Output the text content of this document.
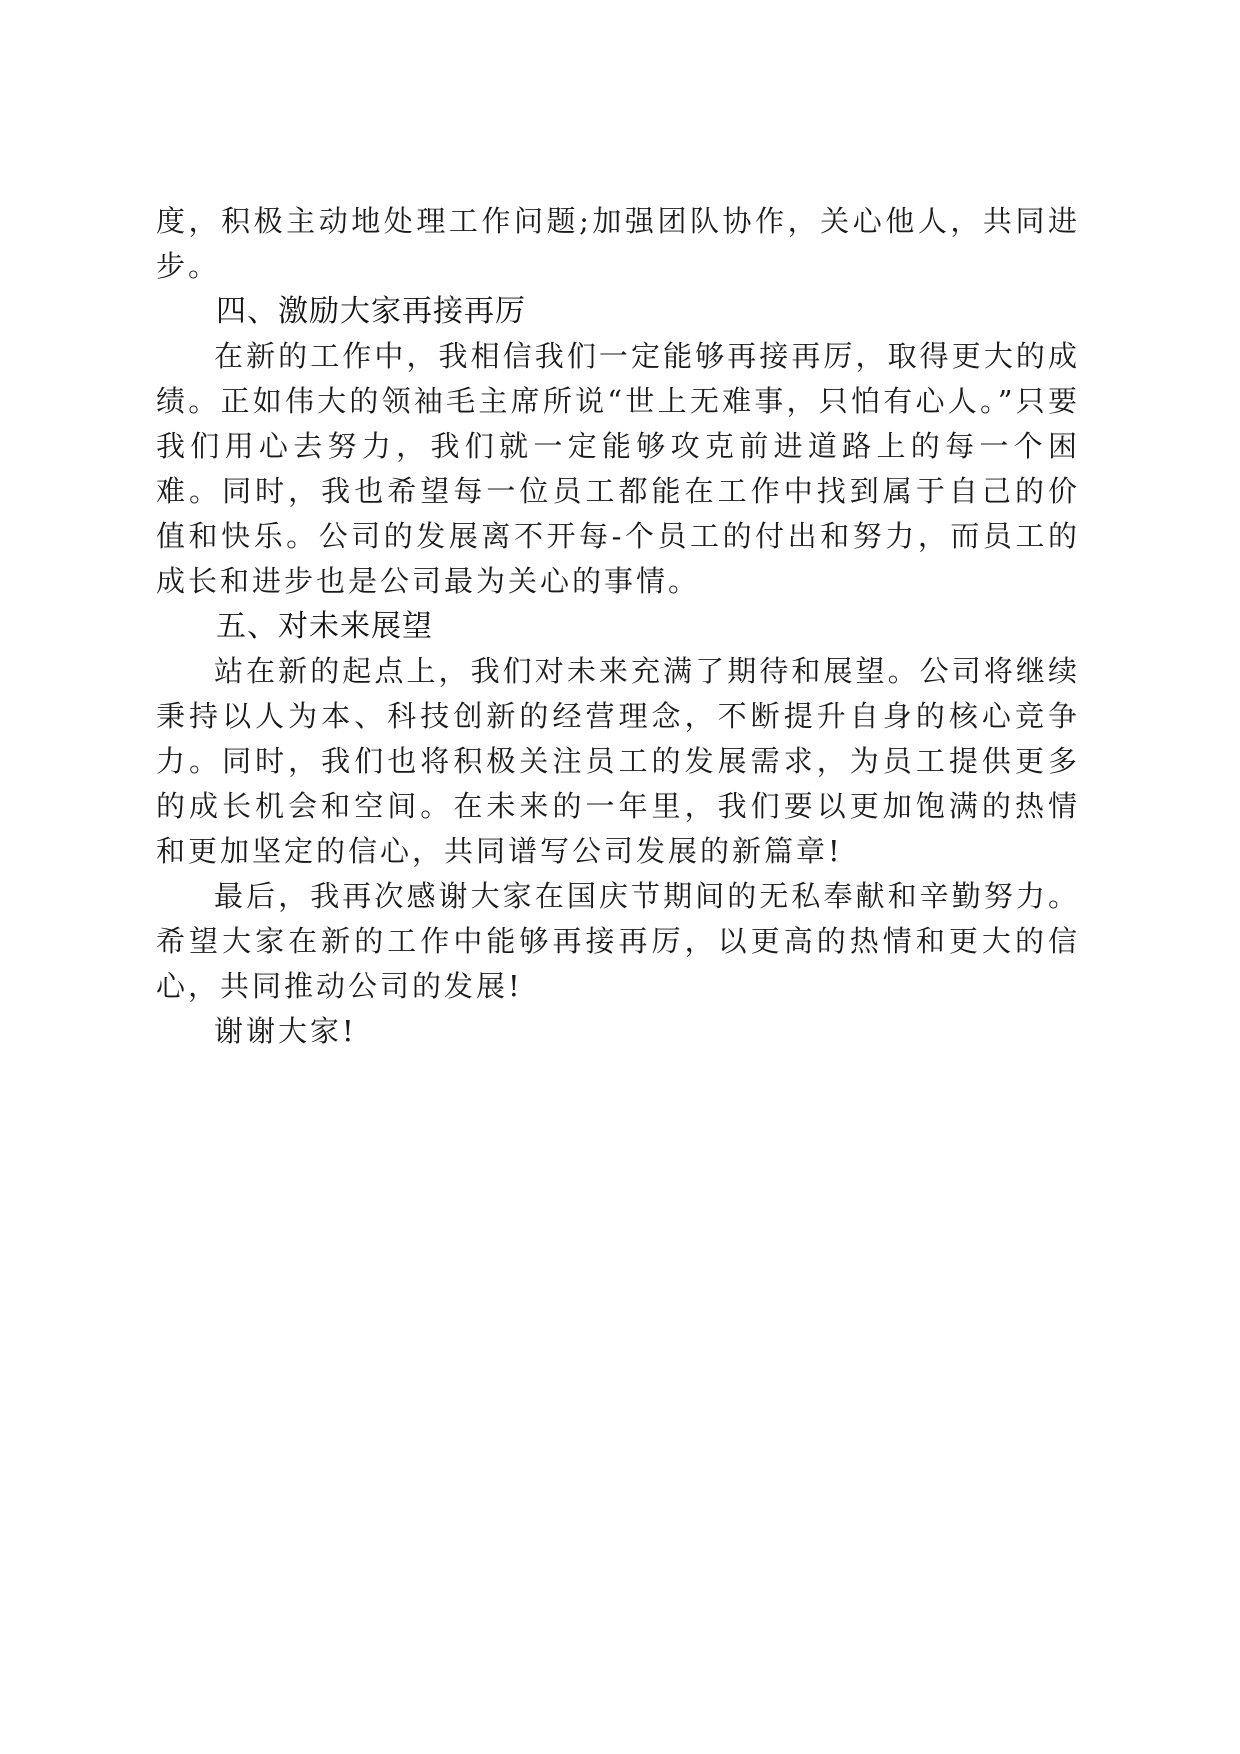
度，积极主动地处理工作问题;加强团队协作，关心他人，共同进步。

四、激励大家再接再厉

在新的工作中，我相信我们一定能够再接再厉，取得更大的成绩。正如伟大的领袖毛主席所说“世上无难事，只怕有心人。”只要我们用心去努力，我们就一定能够攻克前进道路上的每一个困难。同时，我也希望每一位员工都能在工作中找到属于自己的价值和快乐。公司的发展离不开每-个员工的付出和努力，而员工的成长和进步也是公司最为关心的事情。

五、对未来展望

站在新的起点上，我们对未来充满了期待和展望。公司将继续秉持以人为本、科技创新的经营理念，不断提升自身的核心竞争力。同时，我们也将积极关注员工的发展需求，为员工提供更多的成长机会和空间。在未来的一年里，我们要以更加饱满的热情和更加坚定的信心，共同谱写公司发展的新篇章!

最后，我再次感谢大家在国庆节期间的无私奉献和辛勤努力。希望大家在新的工作中能够再接再厉，以更高的热情和更大的信心，共同推动公司的发展!

谢谢大家!
